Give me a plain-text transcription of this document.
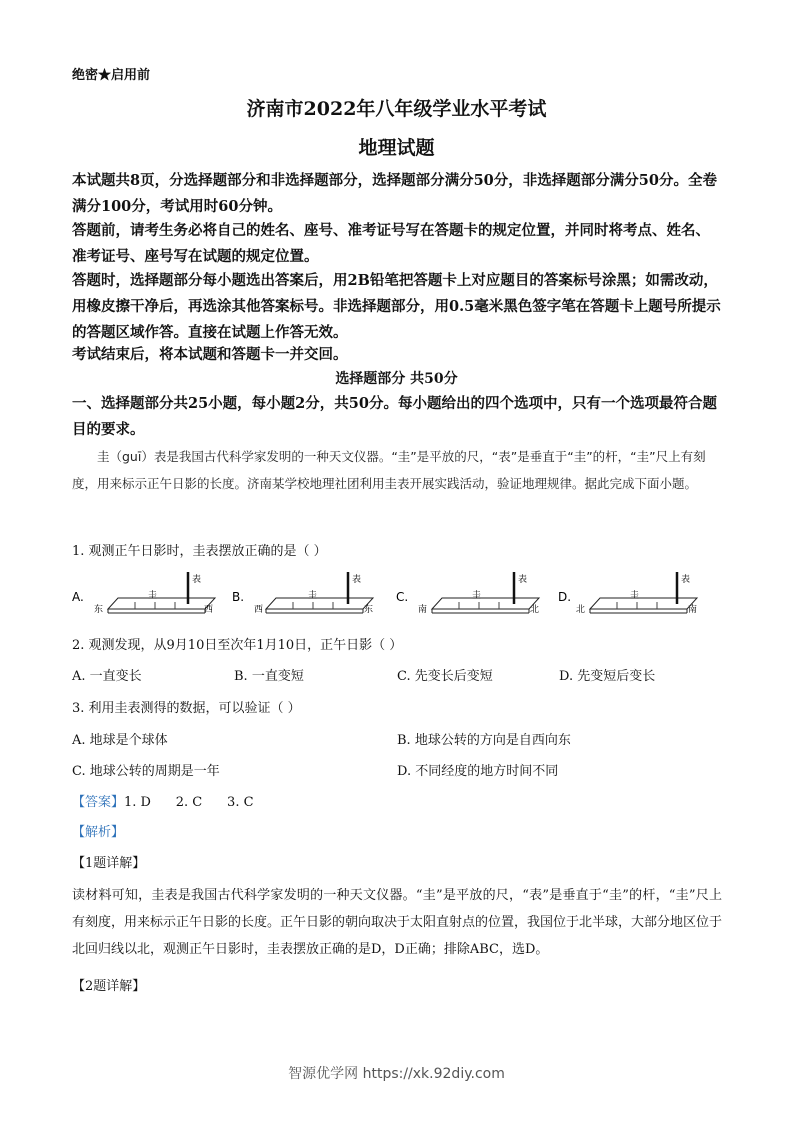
绝密★启用前
济南市2022年八年级学业水平考试
地理试题
本试题共8页，分选择题部分和非选择题部分，选择题部分满分50分，非选择题部分满分50分。全卷满分100分，考试用时60分钟。
答题前，请考生务必将自己的姓名、座号、准考证号写在答题卡的规定位置，并同时将考点、姓名、准考证号、座号写在试题的规定位置。
答题时，选择题部分每小题选出答案后，用2B铅笔把答题卡上对应题目的答案标号涂黑；如需改动，用橡皮擦干净后，再选涂其他答案标号。非选择题部分，用0.5毫米黑色签字笔在答题卡上题号所提示的答题区域作答。直接在试题上作答无效。
考试结束后，将本试题和答题卡一并交回。
选择题部分 共50分
一、选择题部分共25小题，每小题2分，共50分。每小题给出的四个选项中，只有一个选项最符合题目的要求。
圭（guī）表是我国古代科学家发明的一种天文仪器。“圭”是平放的尺，“表”是垂直于“圭”的杆，“圭”尺上有刻度，用来标示正午日影的长度。济南某学校地理社团利用圭表开展实践活动，验证地理规律。据此完成下面小题。
1. 观测正午日影时，圭表摆放正确的是（ ）
A.
表
圭
东	西
B.
表
圭
西	东
C.
表
圭
南	北
D.
表
圭
北	南
2. 观测发现，从9月10日至次年1月10日，正午日影（ ）
A. 一直变长	B. 一直变短	C. 先变长后变短	D. 先变短后变长
3. 利用圭表测得的数据，可以验证（ ）
A. 地球是个球体	B. 地球公转的方向是自西向东
C. 地球公转的周期是一年	D. 不同经度的地方时间不同
【答案】1. D      2. C      3. C
【解析】
【1题详解】
读材料可知，圭表是我国古代科学家发明的一种天文仪器。“圭”是平放的尺，“表”是垂直于“圭”的杆，“圭”尺上有刻度，用来标示正午日影的长度。正午日影的朝向取决于太阳直射点的位置，我国位于北半球，大部分地区位于北回归线以北，观测正午日影时，圭表摆放正确的是D，D正确；排除ABC，选D。
【2题详解】
智源优学网 https://xk.92diy.com
